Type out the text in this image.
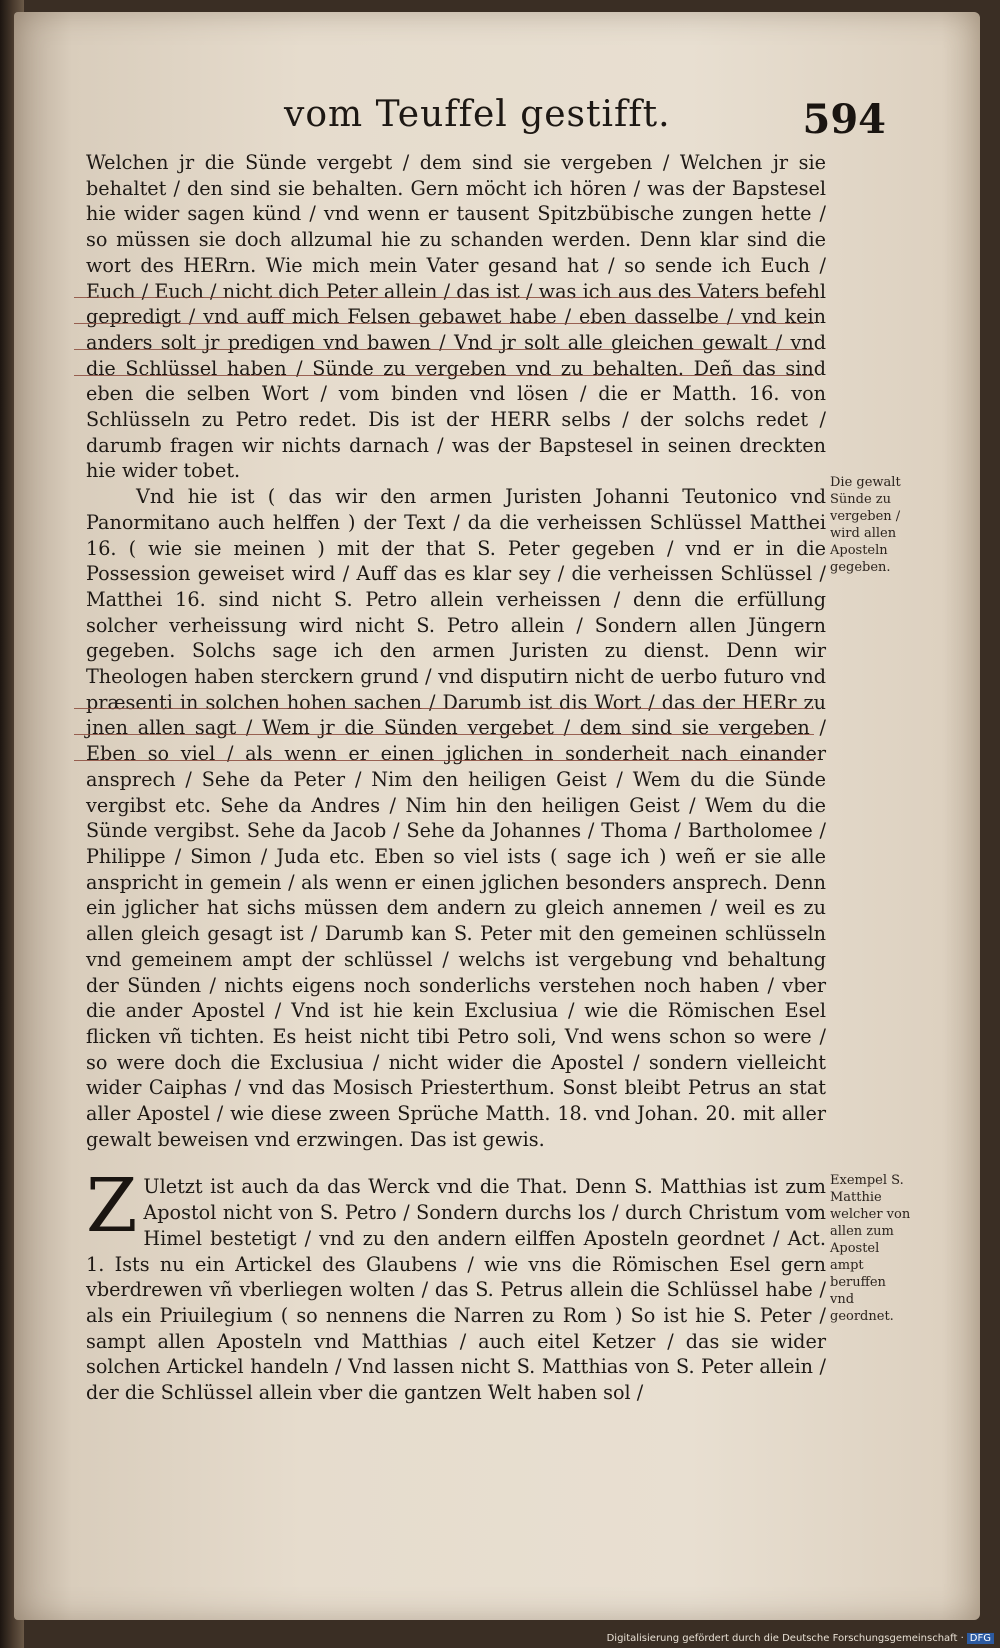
vom Teuffel gestifft.	594

Welchen jr die Sünde vergebt / dem sind sie vergeben / Welchen jr sie behaltet / den sind sie behalten. Gern möcht ich hören / was der Bapstesel hie wider sagen künd / vnd wenn er tausent Spitzbübische zungen hette / so müssen sie doch allzumal hie zu schanden werden. Denn klar sind die wort des HERrn. Wie mich mein Vater gesand hat / so sende ich Euch / Euch / Euch / nicht dich Peter allein / das ist / was ich aus des Vaters befehl gepredigt / vnd auff mich Felsen gebawet habe / eben dasselbe / vnd kein anders solt jr predigen vnd bawen / Vnd jr solt alle gleichen gewalt / vnd die Schlüssel haben / Sünde zu vergeben vnd zu behalten. Deñ das sind eben die selben Wort / vom binden vnd lösen / die er Matth. 16. von Schlüsseln zu Petro redet. Dis ist der HERR selbs / der solchs redet / darumb fragen wir nichts darnach / was der Bapstesel in seinen dreckten hie wider tobet.

Vnd hie ist ( das wir den armen Juristen Johanni Teutonico vnd Panormitano auch helffen ) der Text / da die verheissen Schlüssel Matthei 16. ( wie sie meinen ) mit der that S. Peter gegeben / vnd er in die Possession geweiset wird / Auff das es klar sey / die verheissen Schlüssel / Matthei 16. sind nicht S. Petro allein verheissen / denn die erfüllung solcher verheissung wird nicht S. Petro allein / Sondern allen Jüngern gegeben. Solchs sage ich den armen Juristen zu dienst. Denn wir Theologen haben sterckern grund / vnd disputirn nicht de uerbo futuro vnd præsenti in solchen hohen sachen / Darumb ist dis Wort / das der HERr zu jnen allen sagt / Wem jr die Sünden vergebet / dem sind sie vergeben / Eben so viel / als wenn er einen jglichen in sonderheit nach einander ansprech / Sehe da Peter / Nim den heiligen Geist / Wem du die Sünde vergibst etc. Sehe da Andres / Nim hin den heiligen Geist / Wem du die Sünde vergibst. Sehe da Jacob / Sehe da Johannes / Thoma / Bartholomee / Philippe / Simon / Juda etc. Eben so viel ists ( sage ich ) weñ er sie alle anspricht in gemein / als wenn er einen jglichen besonders ansprech. Denn ein jglicher hat sichs müssen dem andern zu gleich annemen / weil es zu allen gleich gesagt ist / Darumb kan S. Peter mit den gemeinen schlüsseln vnd gemeinem ampt der schlüssel / welchs ist vergebung vnd behaltung der Sünden / nichts eigens noch sonderlichs verstehen noch haben / vber die ander Apostel / Vnd ist hie kein Exclusiua / wie die Römischen Esel flicken vñ tichten. Es heist nicht tibi Petro soli, Vnd wens schon so were / so were doch die Exclusiua / nicht wider die Apostel / sondern vielleicht wider Caiphas / vnd das Mosisch Priesterthum. Sonst bleibt Petrus an stat aller Apostel / wie diese zween Sprüche Matth. 18. vnd Johan. 20. mit aller gewalt beweisen vnd erzwingen. Das ist gewis.

Z Uletzt ist auch da das Werck vnd die That. Denn S. Matthias ist zum Apostol nicht von S. Petro / Sondern durchs los / durch Christum vom Himel bestetigt / vnd zu den andern eilffen Aposteln geordnet / Act. 1. Ists nu ein Artickel des Glaubens / wie vns die Römischen Esel gern vberdrewen vñ vberliegen wolten / das S. Petrus allein die Schlüssel habe / als ein Priuilegium ( so nennens die Narren zu Rom ) So ist hie S. Peter / sampt allen Aposteln vnd Matthias / auch eitel Ketzer / das sie wider solchen Artickel handeln / Vnd lassen nicht S. Matthias von S. Peter allein / der die Schlüssel allein vber die gantzen Welt haben sol /

Die gewalt Sünde zu vergeben / wird allen Aposteln gegeben.
Exempel S. Matthie welcher von allen zum Apostel ampt beruffen vnd geordnet.
Digitalisierung gefördert durch die Deutsche Forschungsgemeinschaft · DFG
